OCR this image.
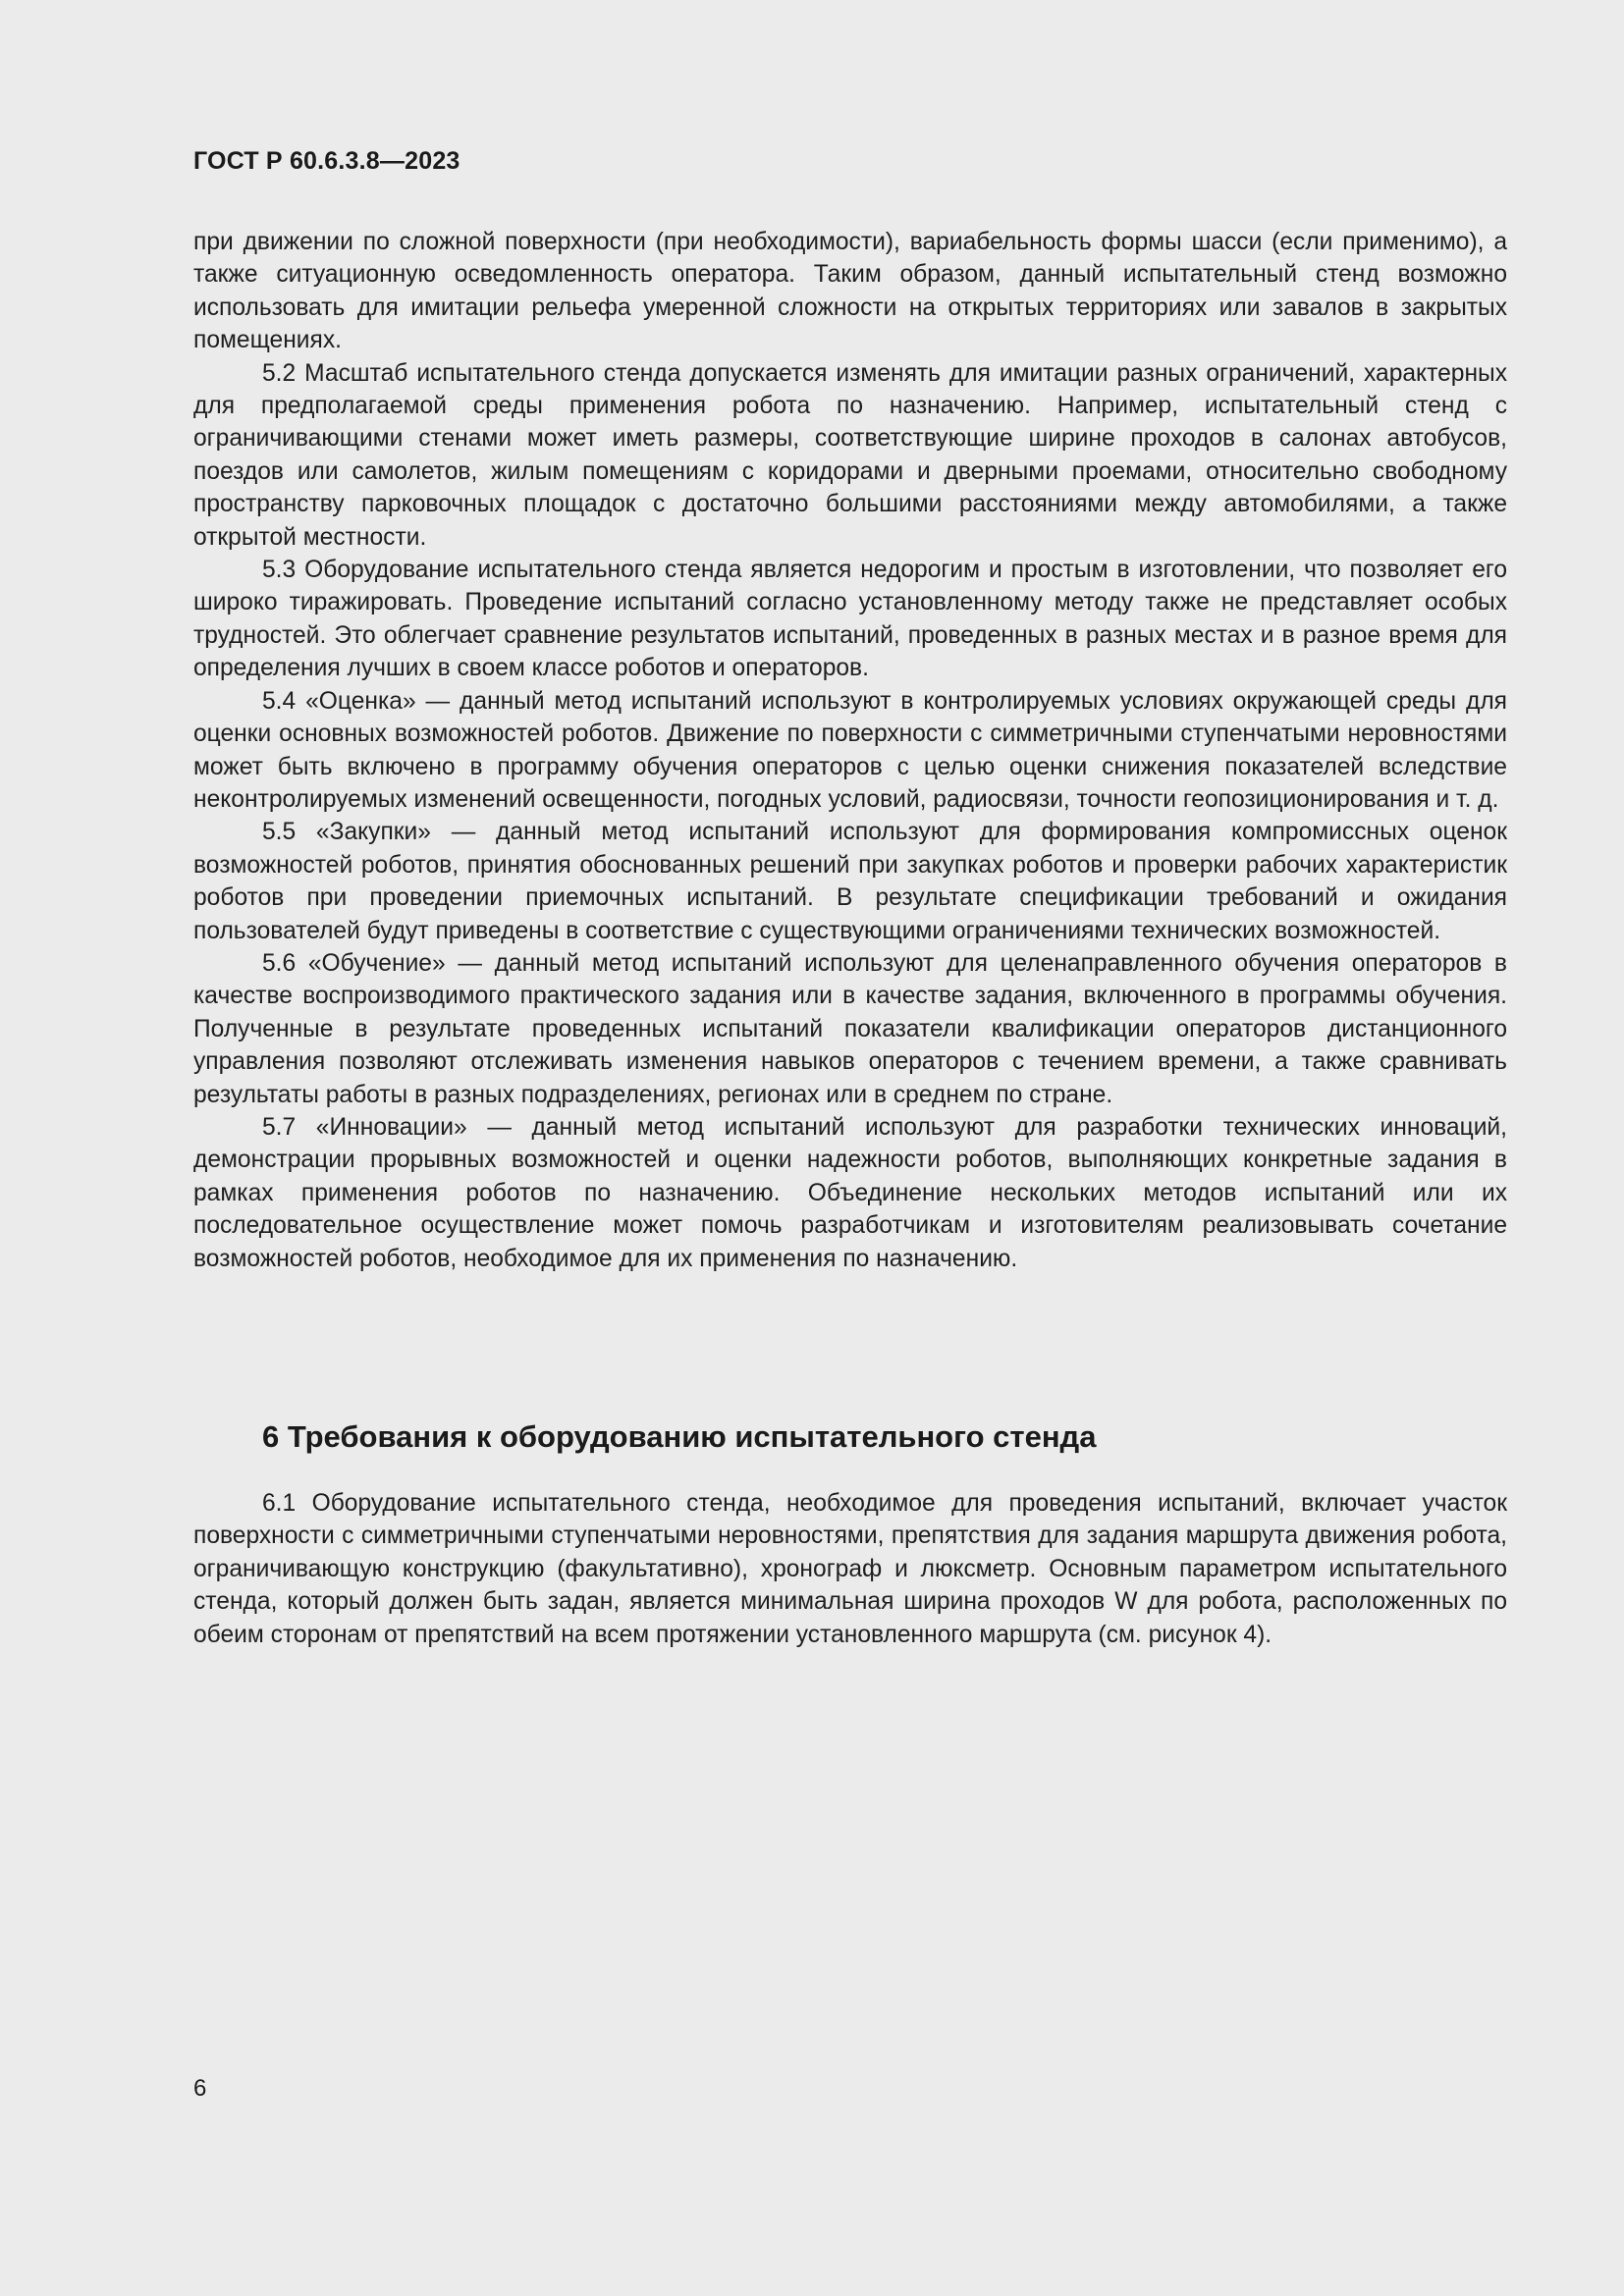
ГОСТ Р 60.6.3.8—2023

при движении по сложной поверхности (при необходимости), вариабельность формы шасси (если применимо), а также ситуационную осведомленность оператора. Таким образом, данный испытательный стенд возможно использовать для имитации рельефа умеренной сложности на открытых территориях или завалов в закрытых помещениях.

5.2 Масштаб испытательного стенда допускается изменять для имитации разных ограничений, характерных для предполагаемой среды применения робота по назначению. Например, испытательный стенд с ограничивающими стенами может иметь размеры, соответствующие ширине проходов в салонах автобусов, поездов или самолетов, жилым помещениям с коридорами и дверными проемами, относительно свободному пространству парковочных площадок с достаточно большими расстояниями между автомобилями, а также открытой местности.

5.3 Оборудование испытательного стенда является недорогим и простым в изготовлении, что позволяет его широко тиражировать. Проведение испытаний согласно установленному методу также не представляет особых трудностей. Это облегчает сравнение результатов испытаний, проведенных в разных местах и в разное время для определения лучших в своем классе роботов и операторов.

5.4 «Оценка» — данный метод испытаний используют в контролируемых условиях окружающей среды для оценки основных возможностей роботов. Движение по поверхности с симметричными ступенчатыми неровностями может быть включено в программу обучения операторов с целью оценки снижения показателей вследствие неконтролируемых изменений освещенности, погодных условий, радиосвязи, точности геопозиционирования и т. д.

5.5 «Закупки» — данный метод испытаний используют для формирования компромиссных оценок возможностей роботов, принятия обоснованных решений при закупках роботов и проверки рабочих характеристик роботов при проведении приемочных испытаний. В результате спецификации требований и ожидания пользователей будут приведены в соответствие с существующими ограничениями технических возможностей.

5.6 «Обучение» — данный метод испытаний используют для целенаправленного обучения операторов в качестве воспроизводимого практического задания или в качестве задания, включенного в программы обучения. Полученные в результате проведенных испытаний показатели квалификации операторов дистанционного управления позволяют отслеживать изменения навыков операторов с течением времени, а также сравнивать результаты работы в разных подразделениях, регионах или в среднем по стране.

5.7 «Инновации» — данный метод испытаний используют для разработки технических инноваций, демонстрации прорывных возможностей и оценки надежности роботов, выполняющих конкретные задания в рамках применения роботов по назначению. Объединение нескольких методов испытаний или их последовательное осуществление может помочь разработчикам и изготовителям реализовывать сочетание возможностей роботов, необходимое для их применения по назначению.

6 Требования к оборудованию испытательного стенда

6.1 Оборудование испытательного стенда, необходимое для проведения испытаний, включает участок поверхности с симметричными ступенчатыми неровностями, препятствия для задания маршрута движения робота, ограничивающую конструкцию (факультативно), хронограф и люксметр. Основным параметром испытательного стенда, который должен быть задан, является минимальная ширина проходов W для робота, расположенных по обеим сторонам от препятствий на всем протяжении установленного маршрута (см. рисунок 4).

6
